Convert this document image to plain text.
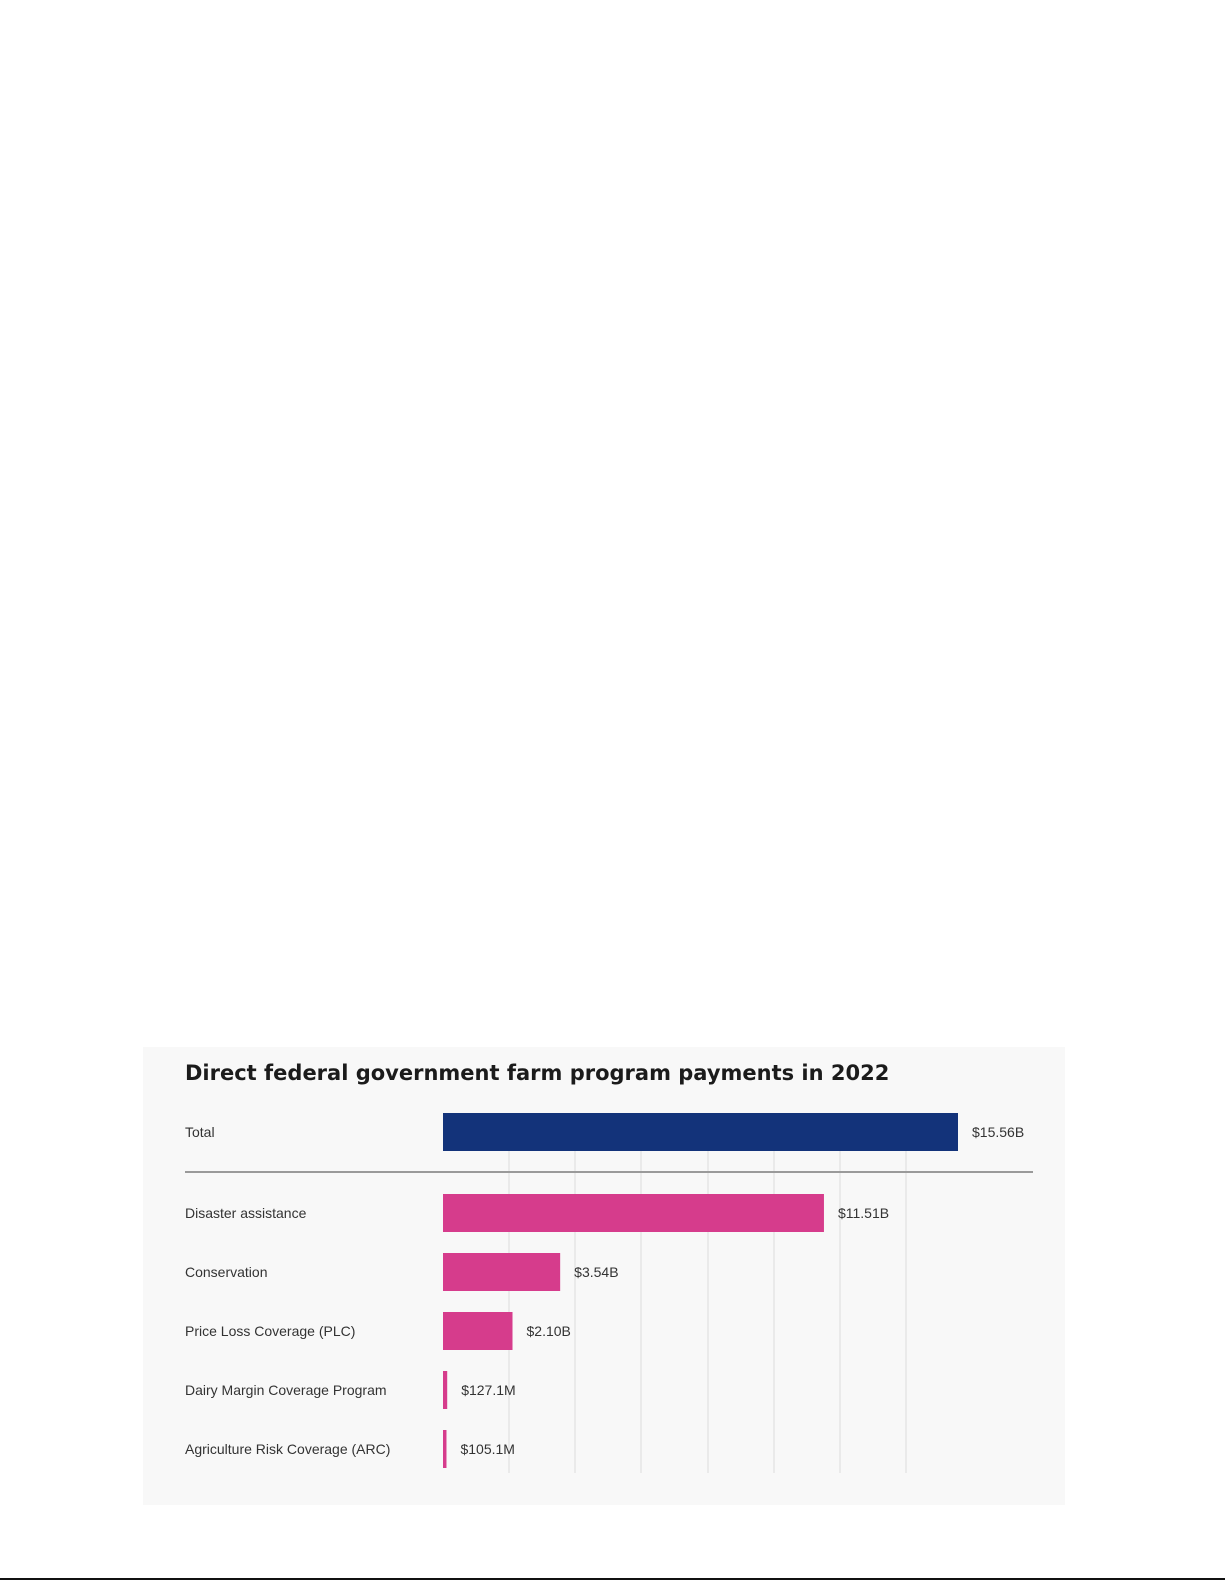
Direct federal government farm program payments in 2022
Total	$15.56B
Disaster assistance	$11.51B
Conservation	$3.54B
Price Loss Coverage (PLC)	$2.10B
Dairy Margin Coverage Program	$127.1M
Agriculture Risk Coverage (ARC)	$105.1M
